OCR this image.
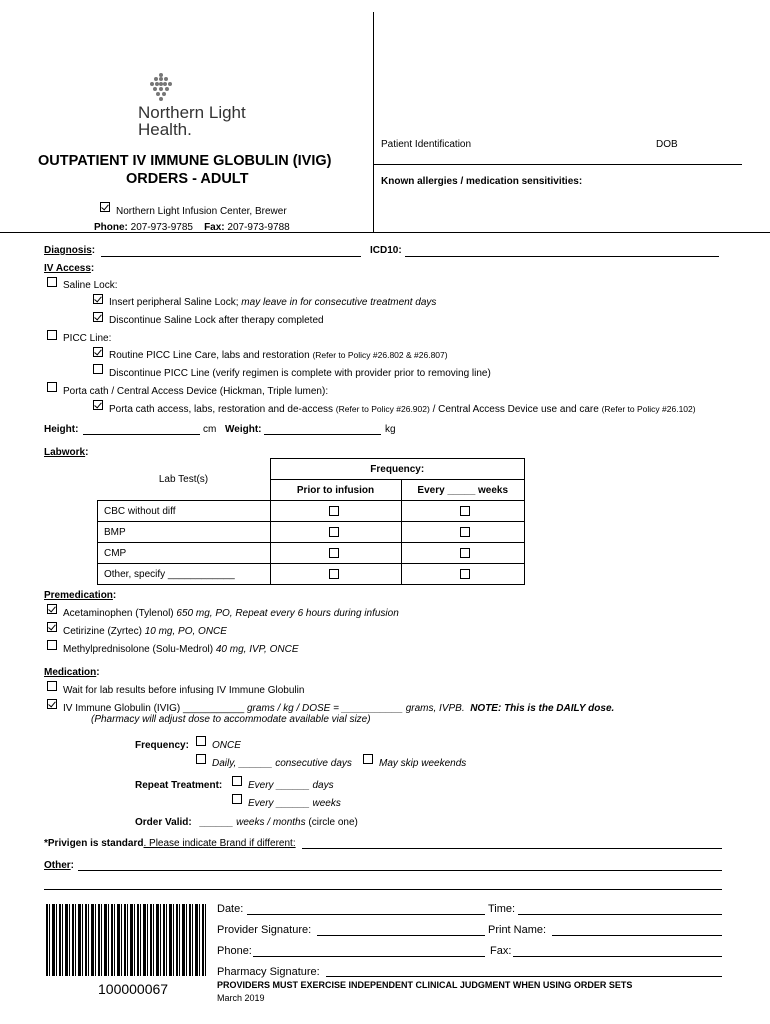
Northern Light
Health.
OUTPATIENT IV IMMUNE GLOBULIN (IVIG)
ORDERS - ADULT
Patient Identification	DOB
Known allergies / medication sensitivities:
Northern Light Infusion Center, Brewer
Phone: 207-973-9785 Fax: 207-973-9788
Diagnosis:	ICD10:
IV Access:
Saline Lock:
Insert peripheral Saline Lock; may leave in for consecutive treatment days
Discontinue Saline Lock after therapy completed
PICC Line:
Routine PICC Line Care, labs and restoration (Refer to Policy #26.802 & #26.807)
Discontinue PICC Line (verify regimen is complete with provider prior to removing line)
Porta cath / Central Access Device (Hickman, Triple lumen):
Porta cath access, labs, restoration and de-access (Refer to Policy #26.902) / Central Access Device use and care (Refer to Policy #26.102)
Height:	cm Weight:	kg
Labwork:
Lab Test(s)	Frequency:	
	Prior to infusion	Every _____ weeks
CBC without diff	

BMP	

CMP	

Other, specify ____________	

Premedication:
Acetaminophen (Tylenol) 650 mg, PO, Repeat every 6 hours during infusion
Cetirizine (Zyrtec) 10 mg, PO, ONCE
Methylprednisolone (Solu-Medrol) 40 mg, IVP, ONCE
Medication:
Wait for lab results before infusing IV Immune Globulin
IV Immune Globulin (IVIG) ___________ grams / kg / DOSE = ___________ grams, IVPB. NOTE: This is the DAILY dose.
(Pharmacy will adjust dose to accommodate available vial size)
Frequency: ONCE
Daily, ______ consecutive days	May skip weekends
Repeat Treatment:	Every ______ days
Every ______ weeks
Order Valid: ______ weeks / months (circle one)
*Privigen is standard. Please indicate Brand if different:
Other:
100000067
Date:	Time:
Provider Signature:	Print Name:
Phone:	Fax:
Pharmacy Signature:
PROVIDERS MUST EXERCISE INDEPENDENT CLINICAL JUDGMENT WHEN USING ORDER SETS
March 2019
